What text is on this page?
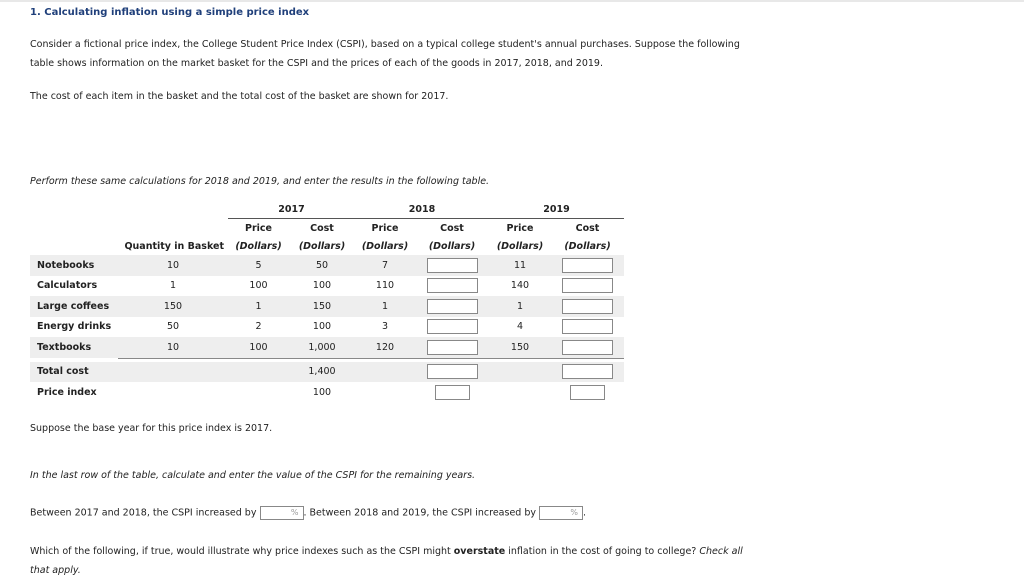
1. Calculating inflation using a simple price index
Consider a fictional price index, the College Student Price Index (CSPI), based on a typical college student's annual purchases. Suppose the following
table shows information on the market basket for the CSPI and the prices of each of the goods in 2017, 2018, and 2019.
The cost of each item in the basket and the total cost of the basket are shown for 2017.
Perform these same calculations for 2018 and 2019, and enter the results in the following table.
		2017		2018		2019	
		Price	Cost	Price	Cost	Price	Cost
	Quantity in Basket	(Dollars)	(Dollars)	(Dollars)	(Dollars)	(Dollars)	(Dollars)
Notebooks	10	5	50	7		11	
Calculators	1	100	100	110		140	
Large coffees	150	1	150	1		1	
Energy drinks	50	2	100	3		4	
Textbooks	10	100	1,000	120		150	

Total cost			1,400				
Price index			100				
Suppose the base year for this price index is 2017.
In the last row of the table, calculate and enter the value of the CSPI for the remaining years.
Between 2017 and 2018, the CSPI increased by	% . Between 2018 and 2019, the CSPI increased by	% .
Which of the following, if true, would illustrate why price indexes such as the CSPI might overstate inflation in the cost of going to college? Check all
that apply.
